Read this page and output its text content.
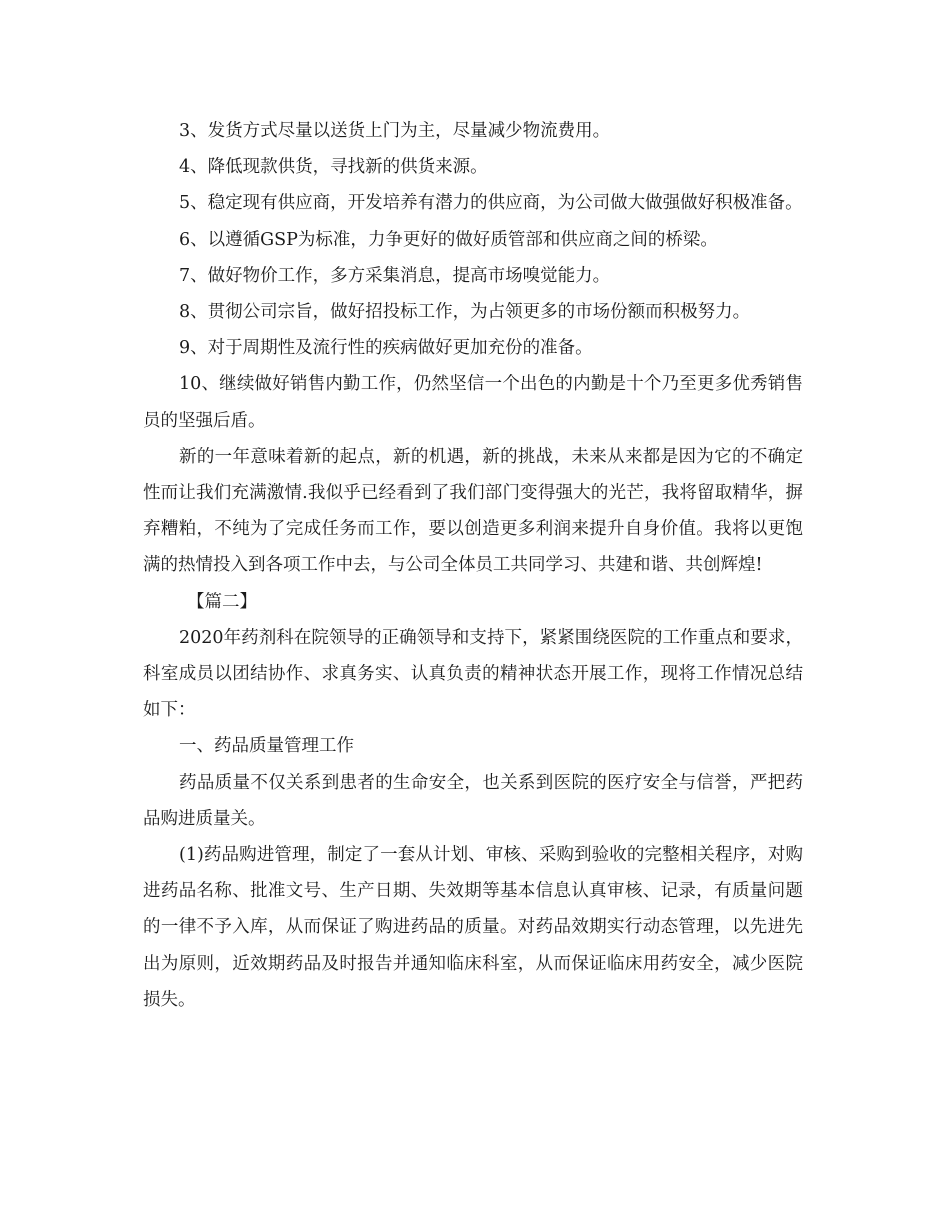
3、发货方式尽量以送货上门为主，尽量减少物流费用。

4、降低现款供货，寻找新的供货来源。

5、稳定现有供应商，开发培养有潜力的供应商，为公司做大做强做好积极准备。

6、以遵循GSP为标准，力争更好的做好质管部和供应商之间的桥梁。

7、做好物价工作，多方采集消息，提高市场嗅觉能力。

8、贯彻公司宗旨，做好招投标工作，为占领更多的市场份额而积极努力。

9、对于周期性及流行性的疾病做好更加充份的准备。

10、继续做好销售内勤工作，仍然坚信一个出色的内勤是十个乃至更多优秀销售员的坚强后盾。

新的一年意味着新的起点，新的机遇，新的挑战，未来从来都是因为它的不确定性而让我们充满激情.我似乎已经看到了我们部门变得强大的光芒，我将留取精华，摒弃糟粕，不纯为了完成任务而工作，要以创造更多利润来提升自身价值。我将以更饱满的热情投入到各项工作中去，与公司全体员工共同学习、共建和谐、共创辉煌!

【篇二】

2020年药剂科在院领导的正确领导和支持下，紧紧围绕医院的工作重点和要求，科室成员以团结协作、求真务实、认真负责的精神状态开展工作，现将工作情况总结如下：

一、药品质量管理工作

药品质量不仅关系到患者的生命安全，也关系到医院的医疗安全与信誉，严把药品购进质量关。

(1)药品购进管理，制定了一套从计划、审核、采购到验收的完整相关程序，对购进药品名称、批准文号、生产日期、失效期等基本信息认真审核、记录，有质量问题的一律不予入库，从而保证了购进药品的质量。对药品效期实行动态管理，以先进先出为原则，近效期药品及时报告并通知临床科室，从而保证临床用药安全，减少医院损失。
